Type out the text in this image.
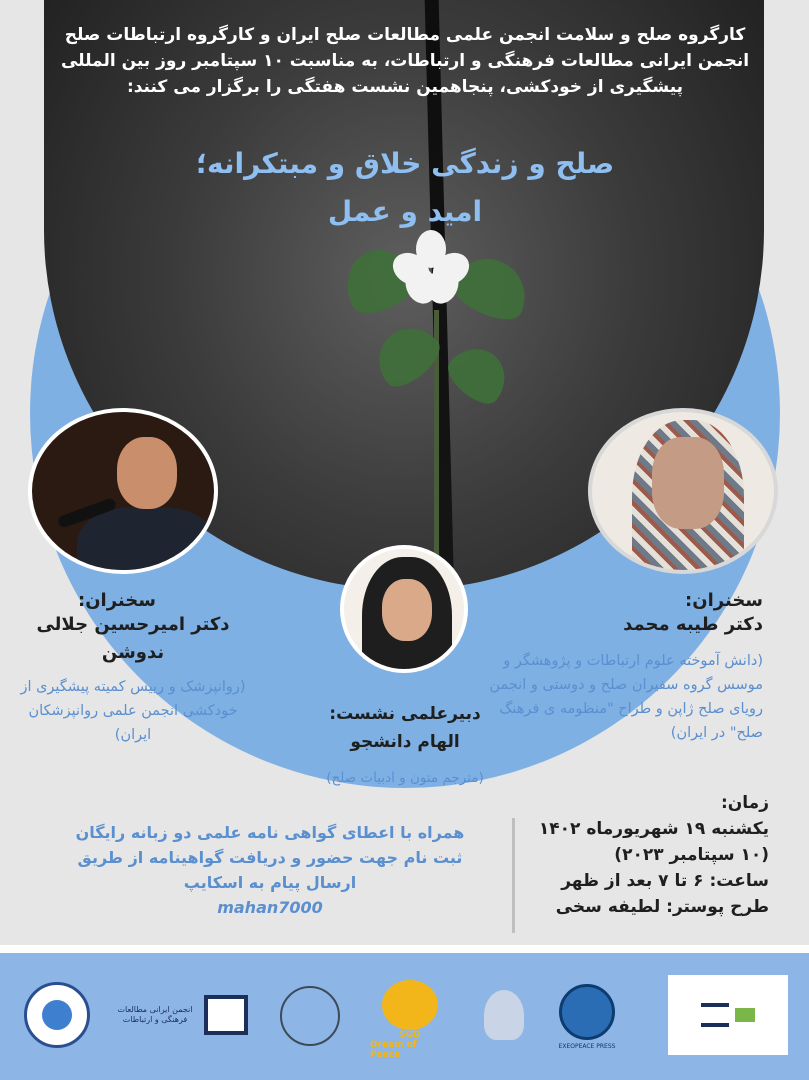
کارگروه صلح و سلامت انجمن علمی مطالعات صلح ایران و کارگروه ارتباطات صلح انجمن ایرانی مطالعات فرهنگی و ارتباطات، به مناسبت ۱۰ سپتامبر روز بین المللی پیشگیری از خودکشی، پنجاهمین نشست هفتگی را برگزار می کنند:
صلح و زندگی خلاق و مبتکرانه؛
امید و عمل
سخنران:
دکتر طیبه محمد
(دانش آموخته علوم ارتباطات و پژوهشگر و موسس گروه سفیران صلح و دوستی و انجمن رویای صلح ژاپن و طراح "منظومه ی فرهنگ صلح" در ایران)
سخنران:
دکتر امیرحسین جلالی
ندوشن
(روانپزشک و رییس کمیته پیشگیری از خودکشی انجمن علمی روانپزشکان ایران)
دبیرعلمی نشست:
الهام دانشجو
(مترجم متون و ادبیات صلح)
زمان:
یکشنبه ۱۹ شهریورماه ۱۴۰۲
(۱۰ سپتامبر ۲۰۲۳)
ساعت: ۶ تا ۷ بعد از ظهر
طرح پوستر: لطیفه سخی
همراه با اعطای گواهی نامه علمی دو زبانه رایگان
ثبت نام جهت حضور و دریافت گواهینامه از طریق
ارسال پیام به اسکایپ
mahan7000
انجمن ایرانی مطالعات فرهنگی و ارتباطات
SGD
Dream of Peace
EXEOPEACE PRESS
